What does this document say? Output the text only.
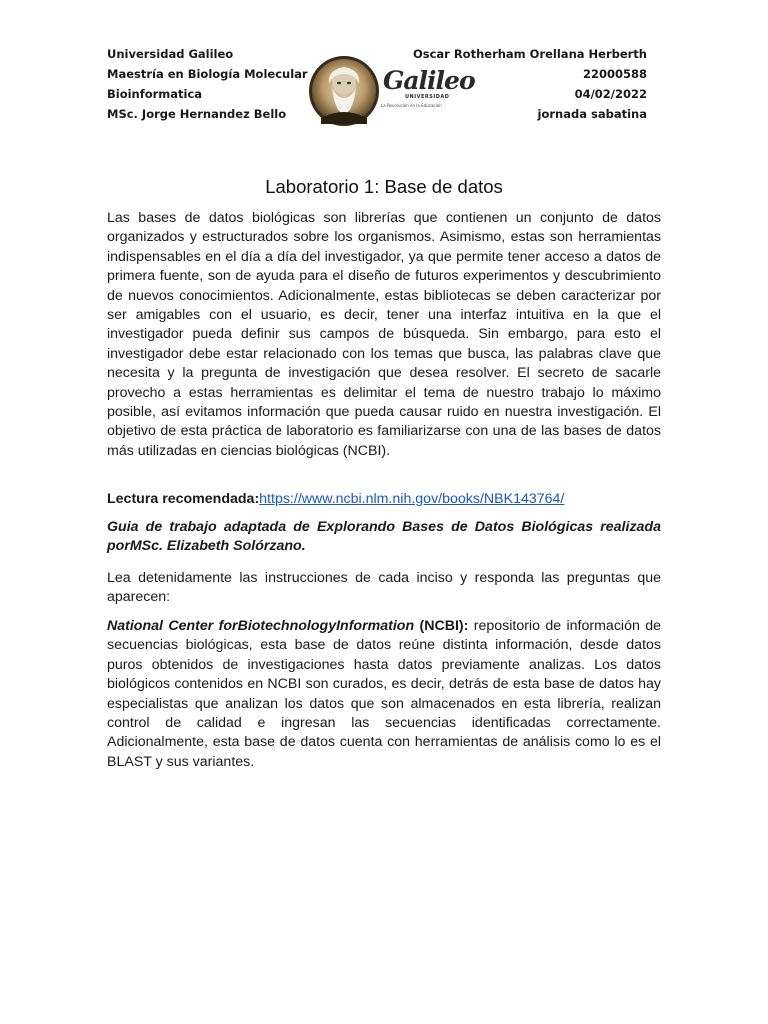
Universidad Galileo
Maestría en Biología Molecular
Bioinformatica
MSc. Jorge Hernandez Bello
Galileo
UNIVERSIDAD
La Revolución en la Educación
Oscar Rotherham Orellana Herberth
22000588
04/02/2022
jornada sabatina
Laboratorio 1: Base de datos

Las bases de datos biológicas son librerías que contienen un conjunto de datos organizados y estructurados sobre los organismos. Asimismo, estas son herramientas indispensables en el día a día del investigador, ya que permite tener acceso a datos de primera fuente, son de ayuda para el diseño de futuros experimentos y descubrimiento de nuevos conocimientos. Adicionalmente, estas bibliotecas se deben caracterizar por ser amigables con el usuario, es decir, tener una interfaz intuitiva en la que el investigador pueda definir sus campos de búsqueda. Sin embargo, para esto el investigador debe estar relacionado con los temas que busca, las palabras clave que necesita y la pregunta de investigación que desea resolver. El secreto de sacarle provecho a estas herramientas es delimitar el tema de nuestro trabajo lo máximo posible, así evitamos información que pueda causar ruido en nuestra investigación. El objetivo de esta práctica de laboratorio es familiarizarse con una de las bases de datos más utilizadas en ciencias biológicas (NCBI).

Lectura recomendada:https://www.ncbi.nlm.nih.gov/books/NBK143764/

Guia de trabajo adaptada de Explorando Bases de Datos Biológicas realizada porMSc. Elizabeth Solórzano.

Lea detenidamente las instrucciones de cada inciso y responda las preguntas que aparecen:

National Center forBiotechnologyInformation (NCBI): repositorio de información de secuencias biológicas, esta base de datos reúne distinta información, desde datos puros obtenidos de investigaciones hasta datos previamente analizas. Los datos biológicos contenidos en NCBI son curados, es decir, detrás de esta base de datos hay especialistas que analizan los datos que son almacenados en esta librería, realizan control de calidad e ingresan las secuencias identificadas correctamente. Adicionalmente, esta base de datos cuenta con herramientas de análisis como lo es el BLAST y sus variantes.
